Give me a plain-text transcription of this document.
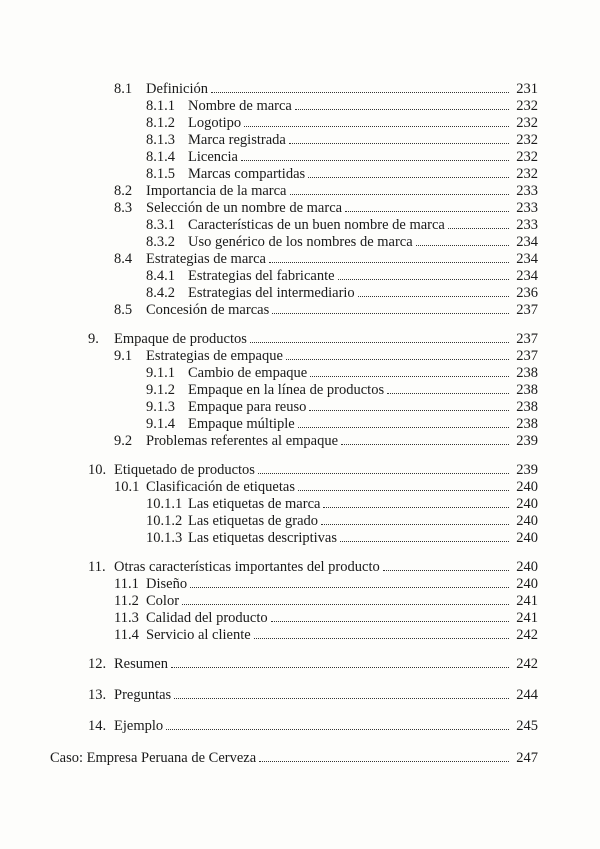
8.1 Definición	231
8.1.1 Nombre de marca	232
8.1.2 Logotipo	232
8.1.3 Marca registrada	232
8.1.4 Licencia	232
8.1.5 Marcas compartidas	232
8.2 Importancia de la marca	233
8.3 Selección de un nombre de marca	233
8.3.1 Características de un buen nombre de marca	233
8.3.2 Uso genérico de los nombres de marca	234
8.4 Estrategias de marca	234
8.4.1 Estrategias del fabricante	234
8.4.2 Estrategias del intermediario	236
8.5 Concesión de marcas	237
9. Empaque de productos	237
9.1 Estrategias de empaque	237
9.1.1 Cambio de empaque	238
9.1.2 Empaque en la línea de productos	238
9.1.3 Empaque para reuso	238
9.1.4 Empaque múltiple	238
9.2 Problemas referentes al empaque	239
10. Etiquetado de productos	239
10.1 Clasificación de etiquetas	240
10.1.1 Las etiquetas de marca	240
10.1.2 Las etiquetas de grado	240
10.1.3 Las etiquetas descriptivas	240
11. Otras características importantes del producto	240
11.1 Diseño	240
11.2 Color	241
11.3 Calidad del producto	241
11.4 Servicio al cliente	242
12. Resumen	242
13. Preguntas	244
14. Ejemplo	245
Caso: Empresa Peruana de Cerveza	247
